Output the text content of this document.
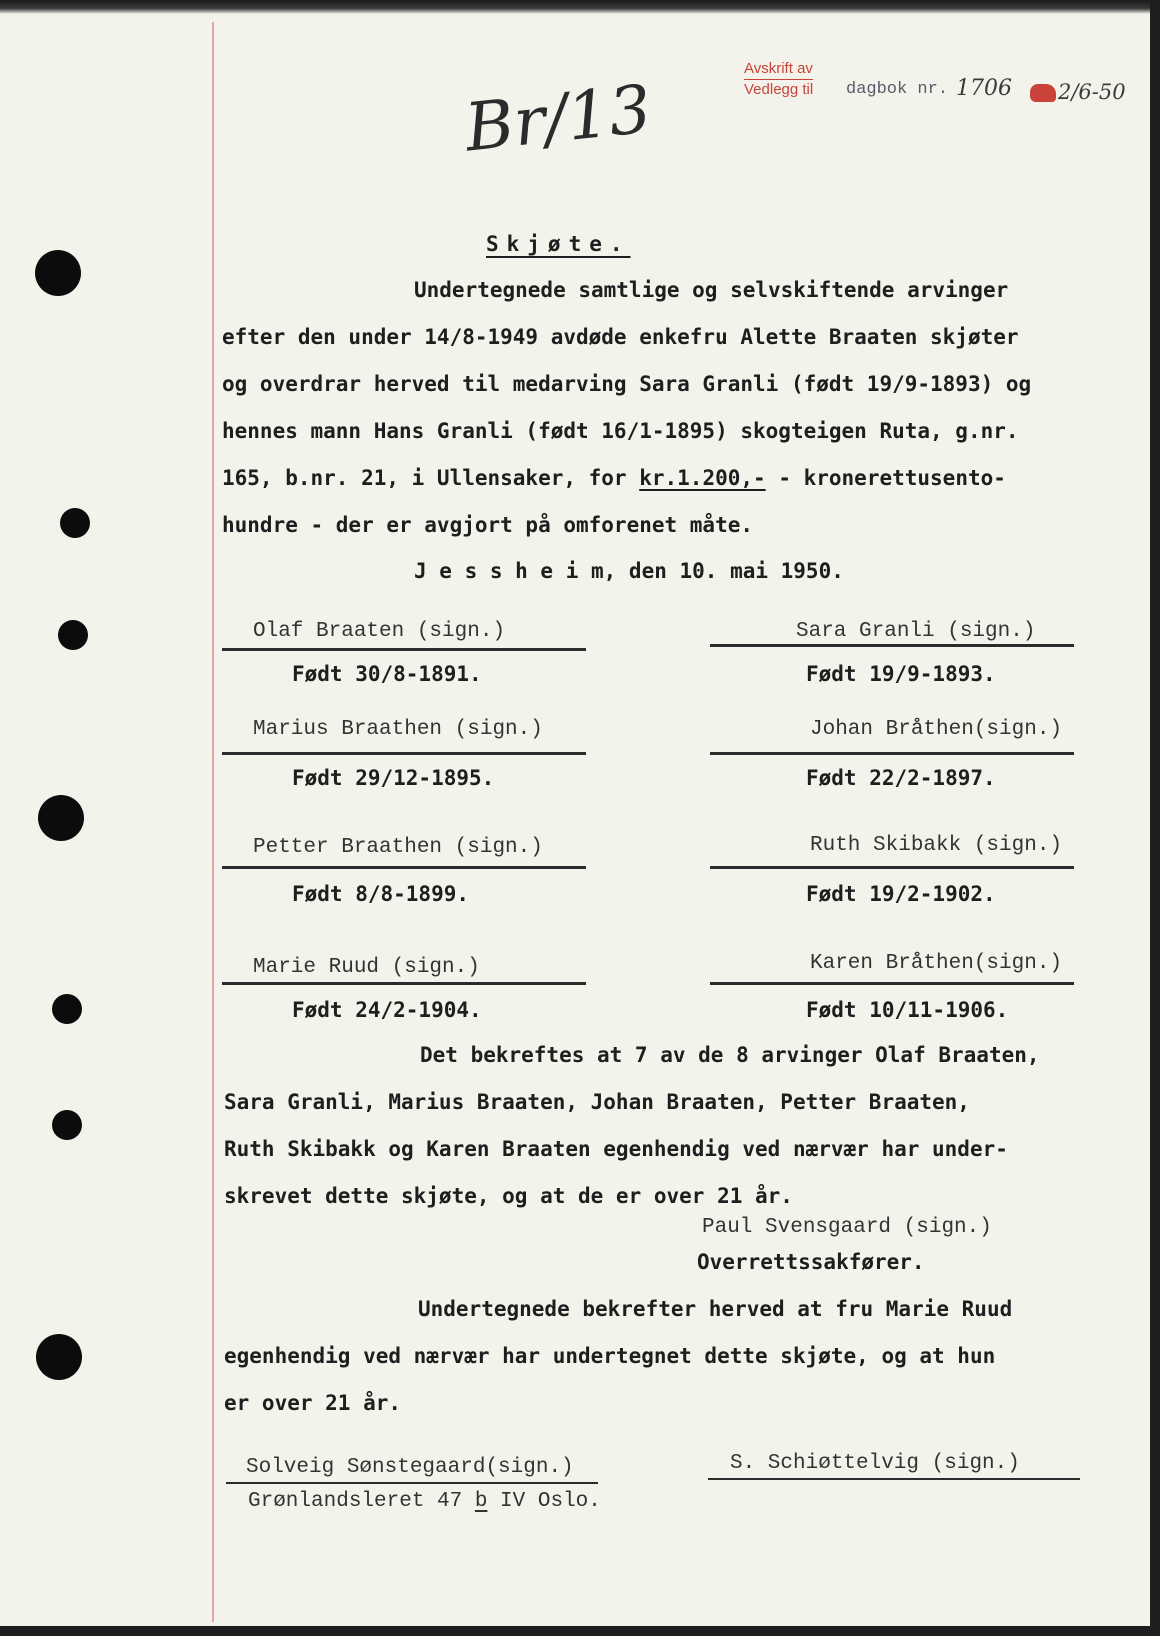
Avskrift av
Vedlegg til dagbok nr. 1706 2/6-50
Br/13
Skjøte.
Undertegnede samtlige og selvskiftende arvinger
efter den under 14/8-1949 avdøde enkefru Alette Braaten skjøter
og overdrar herved til medarving Sara Granli (født 19/9-1893) og
hennes mann Hans Granli (født 16/1-1895) skogteigen Ruta, g.nr.
165, b.nr. 21, i Ullensaker, for kr.1.200,- - kronerettusento-
hundre - der er avgjort på omforenet måte.
J e s s h e i m, den 10. mai 1950.
Olaf Braaten (sign.)
Født 30/8-1891.
Sara Granli (sign.)
Født 19/9-1893.
Marius Braathen (sign.)
Født 29/12-1895.
Johan Bråthen(sign.)
Født 22/2-1897.
Petter Braathen (sign.)
Født 8/8-1899.
Ruth Skibakk (sign.)
Født 19/2-1902.
Marie Ruud (sign.)
Født 24/2-1904.
Karen Bråthen(sign.)
Født 10/11-1906.
Det bekreftes at 7 av de 8 arvinger Olaf Braaten,
Sara Granli, Marius Braaten, Johan Braaten, Petter Braaten,
Ruth Skibakk og Karen Braaten egenhendig ved nærvær har under-
skrevet dette skjøte, og at de er over 21 år.
Paul Svensgaard (sign.)
Overrettssakfører.
Undertegnede bekrefter herved at fru Marie Ruud
egenhendig ved nærvær har undertegnet dette skjøte, og at hun
er over 21 år.
Solveig Sønstegaard(sign.)
Grønlandsleret 47 b IV Oslo.
S. Schiøttelvig (sign.)
